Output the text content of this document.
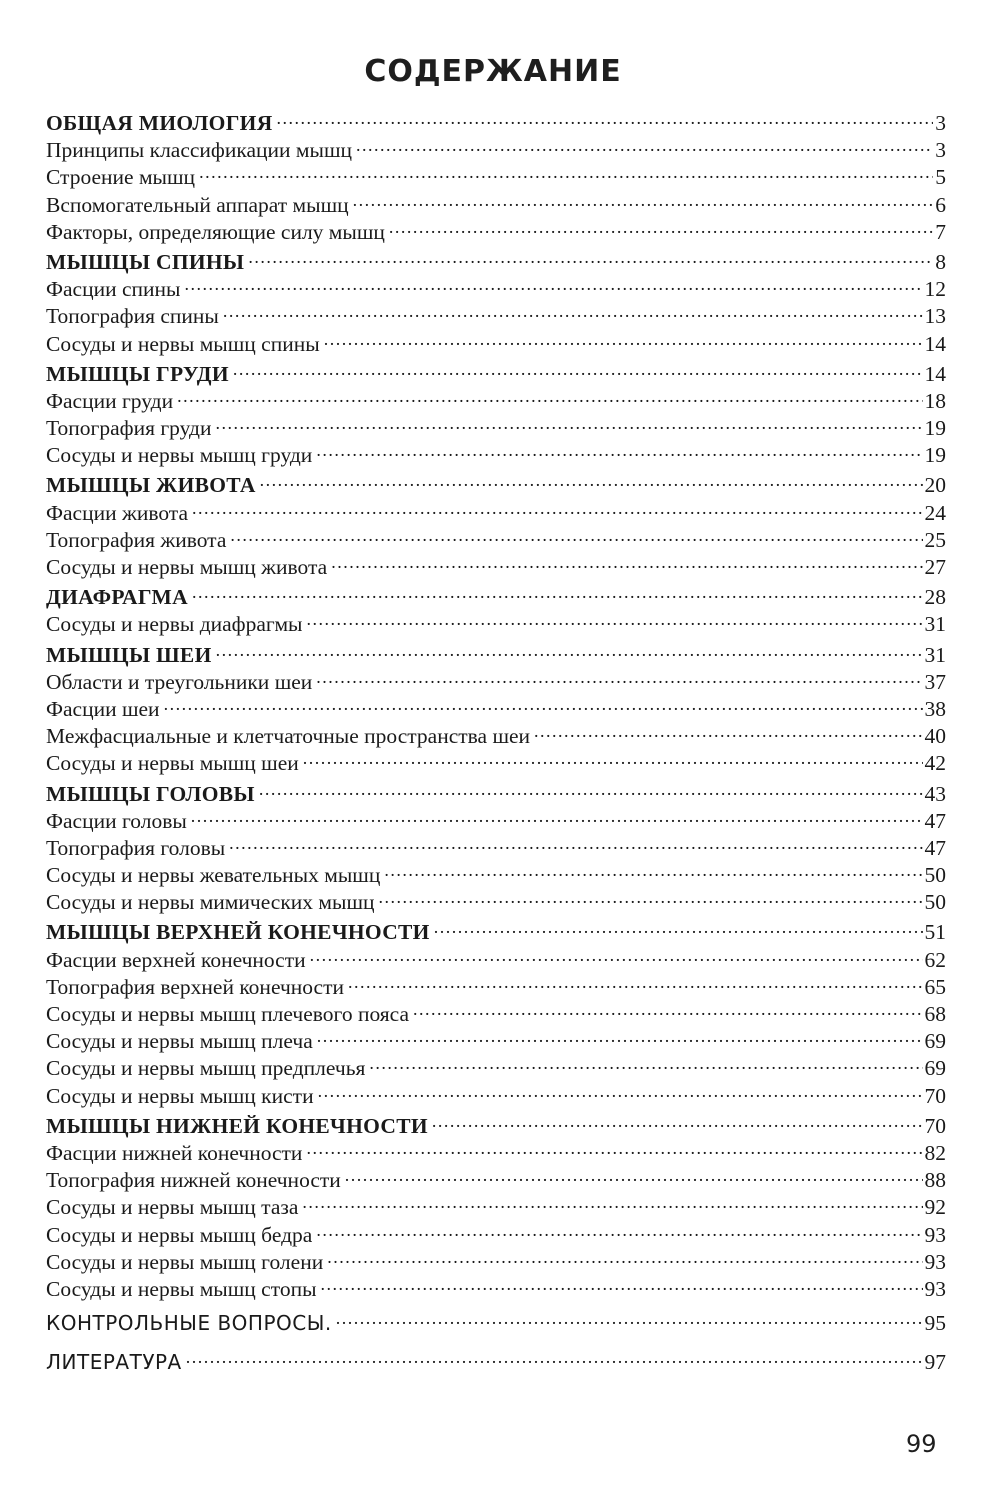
СОДЕРЖАНИЕ
ОБЩАЯ МИОЛОГИЯ .....	3
Принципы классификации мышц .....	3
Строение мышц .....	5
Вспомогательный аппарат мышц .....	6
Факторы, определяющие силу мышц .....	7
МЫШЦЫ СПИНЫ .....	8
Фасции спины .....	12
Топография спины .....	13
Сосуды и нервы мышц спины .....	14
МЫШЦЫ ГРУДИ .....	14
Фасции груди .....	18
Топография груди .....	19
Сосуды и нервы мышц груди .....	19
МЫШЦЫ ЖИВОТА .....	20
Фасции живота .....	24
Топография живота .....	25
Сосуды и нервы мышц живота .....	27
ДИАФРАГМА .....	28
Сосуды и нервы диафрагмы .....	31
МЫШЦЫ ШЕИ .....	31
Области и треугольники шеи .....	37
Фасции шеи .....	38
Межфасциальные и клетчаточные пространства шеи .....	40
Сосуды и нервы мышц шеи .....	42
МЫШЦЫ ГОЛОВЫ .....	43
Фасции головы .....	47
Топография головы .....	47
Сосуды и нервы жевательных мышц .....	50
Сосуды и нервы мимических мышц .....	50
МЫШЦЫ ВЕРХНЕЙ КОНЕЧНОСТИ .....	51
Фасции верхней конечности .....	62
Топография верхней конечности .....	65
Сосуды и нервы мышц плечевого пояса .....	68
Сосуды и нервы мышц плеча .....	69
Сосуды и нервы мышц предплечья .....	69
Сосуды и нервы мышц кисти .....	70
МЫШЦЫ НИЖНЕЙ КОНЕЧНОСТИ .....	70
Фасции нижней конечности .....	82
Топография нижней конечности .....	88
Сосуды и нервы мышц таза .....	92
Сосуды и нервы мышц бедра .....	93
Сосуды и нервы мышц голени .....	93
Сосуды и нервы мышц стопы .....	93
КОНТРОЛЬНЫЕ ВОПРОСЫ. .....	95
ЛИТЕРАТУРА .....	97
99
